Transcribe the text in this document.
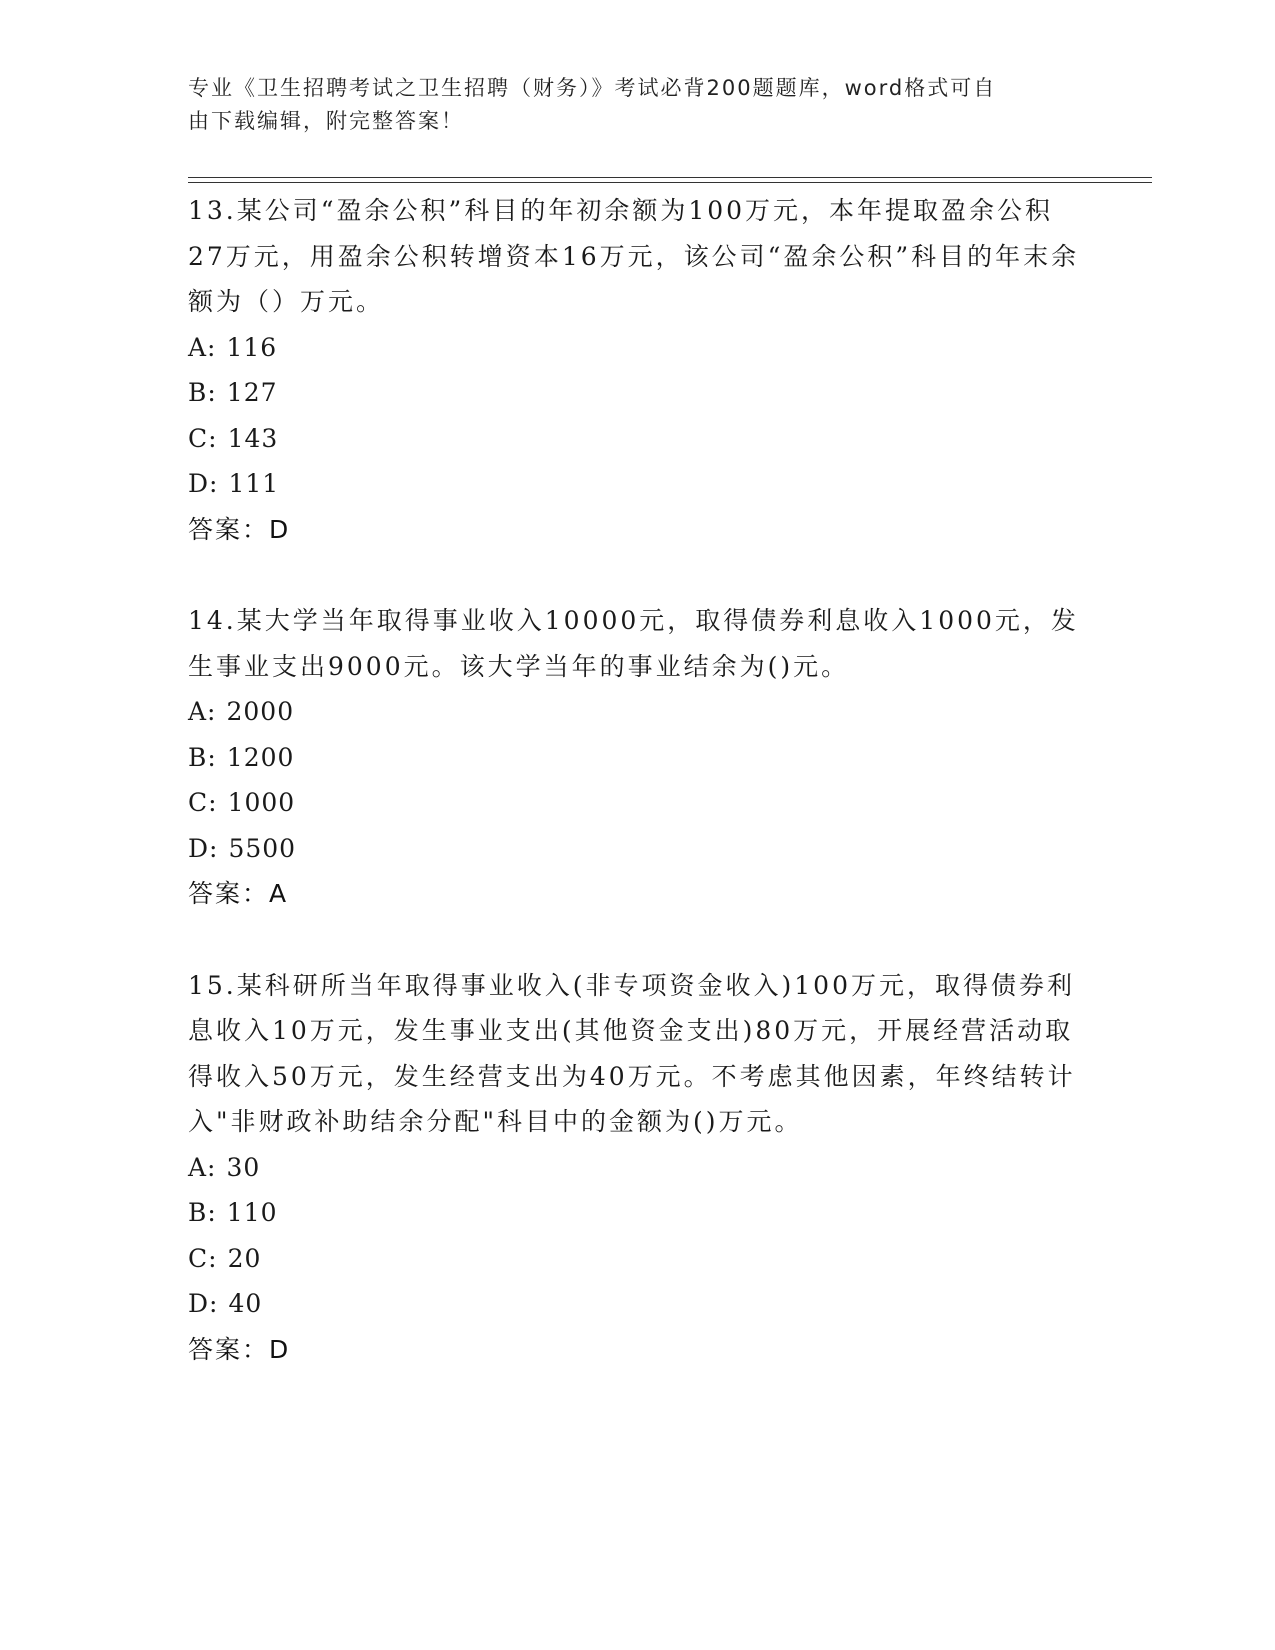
专业《卫生招聘考试之卫生招聘（财务）》考试必背200题题库，word格式可自
由下载编辑，附完整答案！
13.某公司“盈余公积”科目的年初余额为100万元，本年提取盈余公积27万元，用盈余公积转增资本16万元，该公司“盈余公积”科目的年末余额为（）万元。
A: 116
B: 127
C: 143
D: 111
答案：D
14.某大学当年取得事业收入10000元，取得债券利息收入1000元，发生事业支出9000元。该大学当年的事业结余为()元。
A: 2000
B: 1200
C: 1000
D: 5500
答案：A
15.某科研所当年取得事业收入(非专项资金收入)100万元，取得债券利息收入10万元，发生事业支出(其他资金支出)80万元，开展经营活动取得收入50万元，发生经营支出为40万元。不考虑其他因素，年终结转计入"非财政补助结余分配"科目中的金额为()万元。
A: 30
B: 110
C: 20
D: 40
答案：D
